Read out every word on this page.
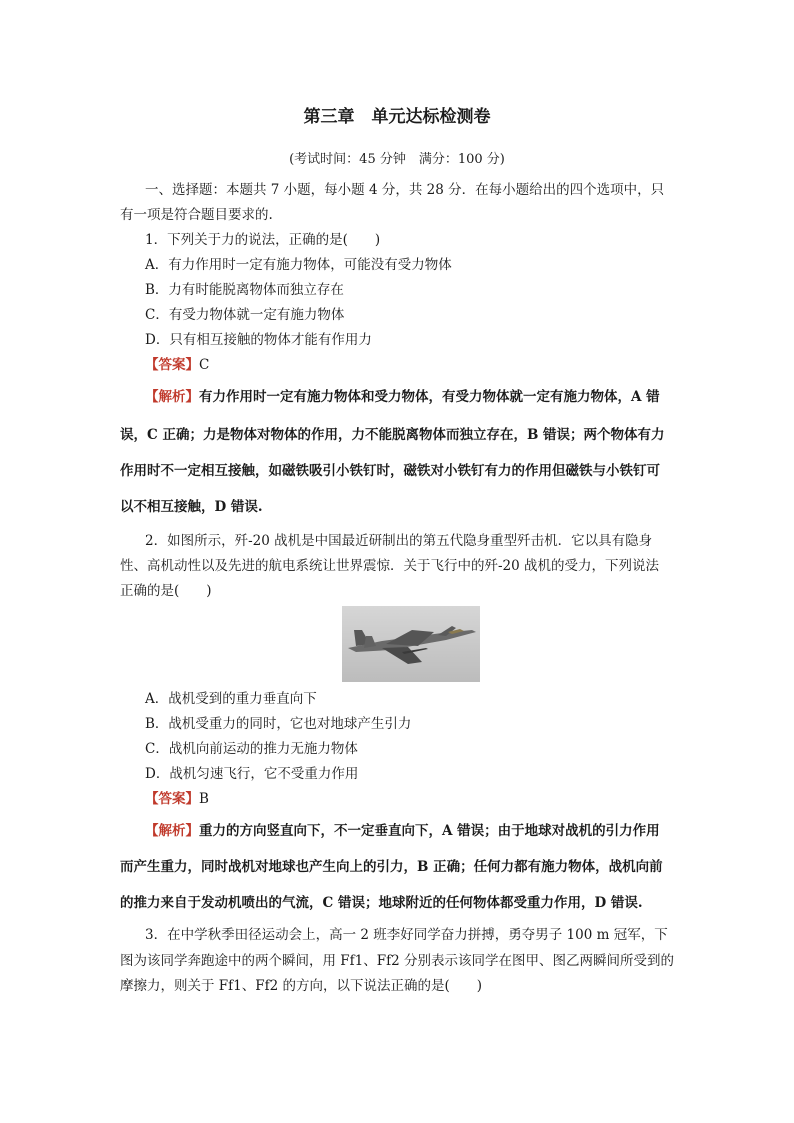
第三章　单元达标检测卷
(考试时间：45 分钟　满分：100 分)
一、选择题：本题共 7 小题，每小题 4 分，共 28 分．在每小题给出的四个选项中，只
有一项是符合题目要求的.
1．下列关于力的说法，正确的是(　　)
A．有力作用时一定有施力物体，可能没有受力物体
B．力有时能脱离物体而独立存在
C．有受力物体就一定有施力物体
D．只有相互接触的物体才能有作用力
【答案】C
【解析】有力作用时一定有施力物体和受力物体，有受力物体就一定有施力物体，A 错
误，C 正确；力是物体对物体的作用，力不能脱离物体而独立存在，B 错误；两个物体有力
作用时不一定相互接触，如磁铁吸引小铁钉时，磁铁对小铁钉有力的作用但磁铁与小铁钉可
以不相互接触，D 错误.
2．如图所示，歼-20 战机是中国最近研制出的第五代隐身重型歼击机．它以具有隐身
性、高机动性以及先进的航电系统让世界震惊．关于飞行中的歼-20 战机的受力，下列说法
正确的是(　　)
A．战机受到的重力垂直向下
B．战机受重力的同时，它也对地球产生引力
C．战机向前运动的推力无施力物体
D．战机匀速飞行，它不受重力作用
【答案】B
【解析】重力的方向竖直向下，不一定垂直向下，A 错误；由于地球对战机的引力作用
而产生重力，同时战机对地球也产生向上的引力，B 正确；任何力都有施力物体，战机向前
的推力来自于发动机喷出的气流，C 错误；地球附近的任何物体都受重力作用，D 错误.
3．在中学秋季田径运动会上，高一 2 班李好同学奋力拼搏，勇夺男子 100 m 冠军，下
图为该同学奔跑途中的两个瞬间，用 Ff1、Ff2 分别表示该同学在图甲、图乙两瞬间所受到的
摩擦力，则关于 Ff1、Ff2 的方向，以下说法正确的是(　　)
